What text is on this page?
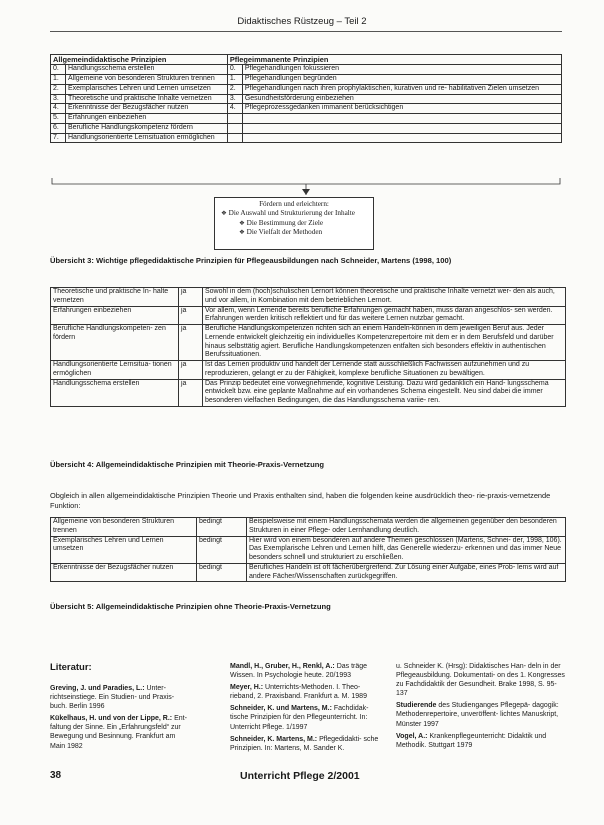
Didaktisches Rüstzeug – Teil 2
Allgemeindidaktische Prinzipien		Pflegeimmanente Prinzipien	
0.	Handlungsschema erstellen	0.	Pflegehandlungen fokussieren
1.	Allgemeine von besonderen Strukturen trennen	1.	Pflegehandlungen begründen
2.	Exemplarisches Lehren und Lernen umsetzen	2.	Pflegehandlungen nach ihren prophylaktischen, kurativen und re- habilitativen Zielen umsetzen
3.	Theoretische und praktische Inhalte vernetzen	3.	Gesundheitsförderung einbeziehen
4.	Erkenntnisse der Bezugsfächer nutzen	4.	Pflegeprozessgedanken immanent berücksichtigen
5.	Erfahrungen einbeziehen		
6.	Berufliche Handlungskompetenz fördern		
7.	Handlungsorientierte Lernsituation ermöglichen		
Fördern und erleichtern:
❖ Die Auswahl und Strukturierung der Inhalte
❖ Die Bestimmung der Ziele
❖ Die Vielfalt der Methoden
Übersicht 3: Wichtige pflegedidaktische Prinzipien für Pflegeausbildungen nach Schneider, Martens (1998, 100)
Theoretische und praktische In- halte vernetzen	ja	Sowohl in dem (hoch)schulischen Lernort können theoretische und praktische Inhalte vernetzt wer- den als auch, und vor allem, in Kombination mit dem betrieblichen Lernort.
Erfahrungen einbeziehen	ja	Vor allem, wenn Lernende bereits berufliche Erfahrungen gemacht haben, muss daran angeschlos- sen werden. Erfahrungen werden kritisch reflektiert und für das weitere Lernen nutzbar gemacht.
Berufliche Handlungskompeten- zen fördern	ja	Berufliche Handlungskompetenzen richten sich an einem Handeln-können in dem jeweiligen Beruf aus. Jeder Lernende entwickelt gleichzeitig ein individuelles Kompetenzrepertoire mit dem er in dem Berufsfeld und darüber hinaus selbsttätig agiert. Berufliche Handlungskompetenzen entfalten sich besonders effektiv in authentischen Berufssituationen.
Handlungsorientierte Lernsitua- tionen ermöglichen	ja	Ist das Lernen produktiv und handelt der Lernende statt ausschließlich Fachwissen aufzunehmen und zu reproduzieren, gelangt er zu der Fähigkeit, komplexe berufliche Situationen zu bewältigen.
Handlungsschema erstellen	ja	Das Prinzip bedeutet eine vorwegnehmende, kognitive Leistung. Dazu wird gedanklich ein Hand- lungsschema entwickelt bzw. eine geplante Maßnahme auf ein vorhandenes Schema eingestellt. Neu sind dabei die immer besonderen vielfachen Bedingungen, die das Handlungsschema variie- ren.
Übersicht 4: Allgemeindidaktische Prinzipien mit Theorie-Praxis-Vernetzung
Obgleich in allen allgemeindidaktische Prinzipien Theorie und Praxis enthalten sind, haben die folgenden keine ausdrücklich theo- rie-praxis-vernetzende Funktion:
Allgemeine von besonderen Strukturen trennen	bedingt	Beispielsweise mit einem Handlungsschemata werden die allgemeinen gegenüber den besonderen Strukturen in einer Pflege- oder Lernhandlung deutlich.
Exemplarisches Lehren und Lernen umsetzen	bedingt	Hier wird von einem besonderen auf andere Themen geschlossen (Martens, Schnei- der, 1998, 106). Das Exemplarische Lehren und Lernen hilft, das Generelle wiederzu- erkennen und das immer Neue besonders schnell und strukturiert zu erschließen.
Erkenntnisse der Bezugsfächer nutzen	bedingt	Berufliches Handeln ist oft fächerübergreifend. Zur Lösung einer Aufgabe, eines Prob- lems wird auf andere Fächer/Wissenschaften zurückgegriffen.
Übersicht 5: Allgemeindidaktische Prinzipien ohne Theorie-Praxis-Vernetzung
Literatur:
Greving, J. und Paradies, L.: Unter- richtseinstiege. Ein Studien- und Praxis- buch. Berlin 1996
Kükelhaus, H. und von der Lippe, R.: Ent- faltung der Sinne. Ein „Erfahrungsfeld“ zur Bewegung und Besinnung. Frankfurt am Main 1982
Mandl, H., Gruber, H., Renkl, A.: Das träge Wissen. In Psychologie heute. 20/1993
Meyer, H.: Unterrichts-Methoden. I. Theo- rieband, 2. Praxisband. Frankfurt a. M. 1989
Schneider, K. und Martens, M.: Fachdidak- tische Prinzipien für den Pflegeunterricht. In: Unterricht Pflege. 1/1997
Schneider, K. Martens, M.: Pflegedidakti- sche Prinzipien. In: Martens, M. Sander K.
u. Schneider K. (Hrsg): Didaktisches Han- deln in der Pflegeausbildung. Dokumentati- on des 1. Kongresses zu Fachdidaktik der Gesundheit. Brake 1998, S. 95-137
Studierende des Studienganges Pflegepä- dagogik: Methodenrepertoire, unveröffent- lichtes Manuskript, Münster 1997
Vogel, A.: Krankenpflegeunterricht: Didaktik und Methodik. Stuttgart 1979
38	Unterricht Pflege 2/2001
